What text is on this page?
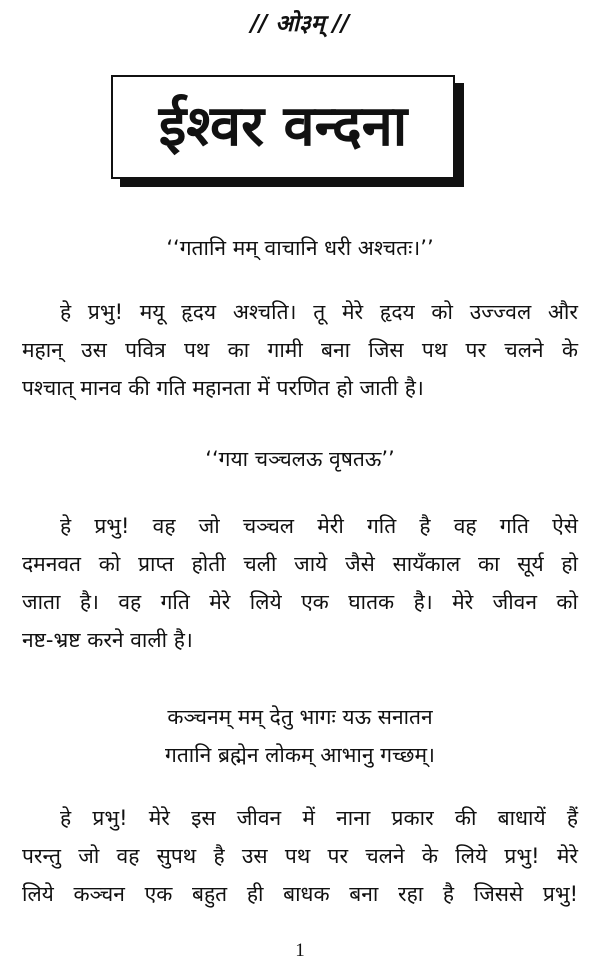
// ओ३म् //
ईश्वर वन्दना
‘‘गतानि मम् वाचानि धरी अश्चतः।’’
हे प्रभु! मयू हृदय अश्चति। तू मेरे हृदय को उज्ज्वल और
महान् उस पवित्र पथ का गामी बना जिस पथ पर चलने के
पश्चात् मानव की गति महानता में परणित हो जाती है।
‘‘गया चञ्चलऊ वृषतऊ’’
हे प्रभु! वह जो चञ्चल मेरी गति है वह गति ऐसे
दमनवत को प्राप्त होती चली जाये जैसे सायँकाल का सूर्य हो
जाता है। वह गति मेरे लिये एक घातक है। मेरे जीवन को
नष्ट-भ्रष्ट करने वाली है।
कञ्चनम् मम् देतु भागः यऊ सनातन
गतानि ब्रह्मेन लोकम् आभानु गच्छम्।
हे प्रभु! मेरे इस जीवन में नाना प्रकार की बाधायें हैं
परन्तु जो वह सुपथ है उस पथ पर चलने के लिये प्रभु! मेरे
लिये कञ्चन एक बहुत ही बाधक बना रहा है जिससे प्रभु!
1
